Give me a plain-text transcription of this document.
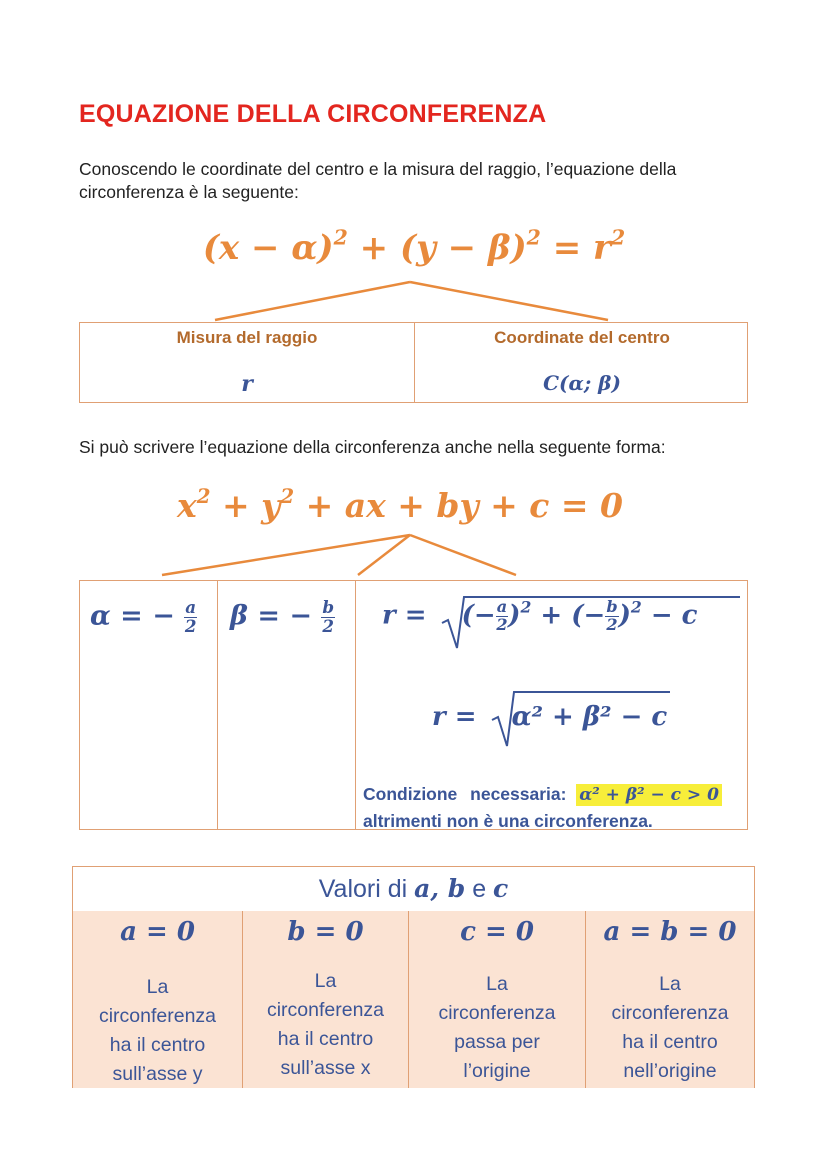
EQUAZIONE DELLA CIRCONFERENZA
Conoscendo le coordinate del centro e la misura del raggio, l’equazione della circonferenza è la seguente:
$(x - \alpha)^2 + (y - \beta)^2 = r^2$
Misura del raggio	Coordinate del centro
r	C(α; β)
Si può scrivere l’equazione della circonferenza anche nella seguente forma:
$x^2 + y^2$ + ax + by + c = 0
α = − $\frac{a}{2}$ β = − $\frac{b}{2}$ r = (− $\frac{a}{2} )^2$ + (− $\frac{b}{2} )^2 - c$
r = α² + β² − c
Condizione necessaria: α² + β² − c > 0
altrimenti non è una circonferenza.
Valori di a, b e c
a = 0
La
circonferenza
ha il centro
sull’asse y
b = 0
La
circonferenza
ha il centro
sull’asse x
c = 0
La
circonferenza
passa per
l’origine
a = b = 0
La
circonferenza
ha il centro
nell’origine
